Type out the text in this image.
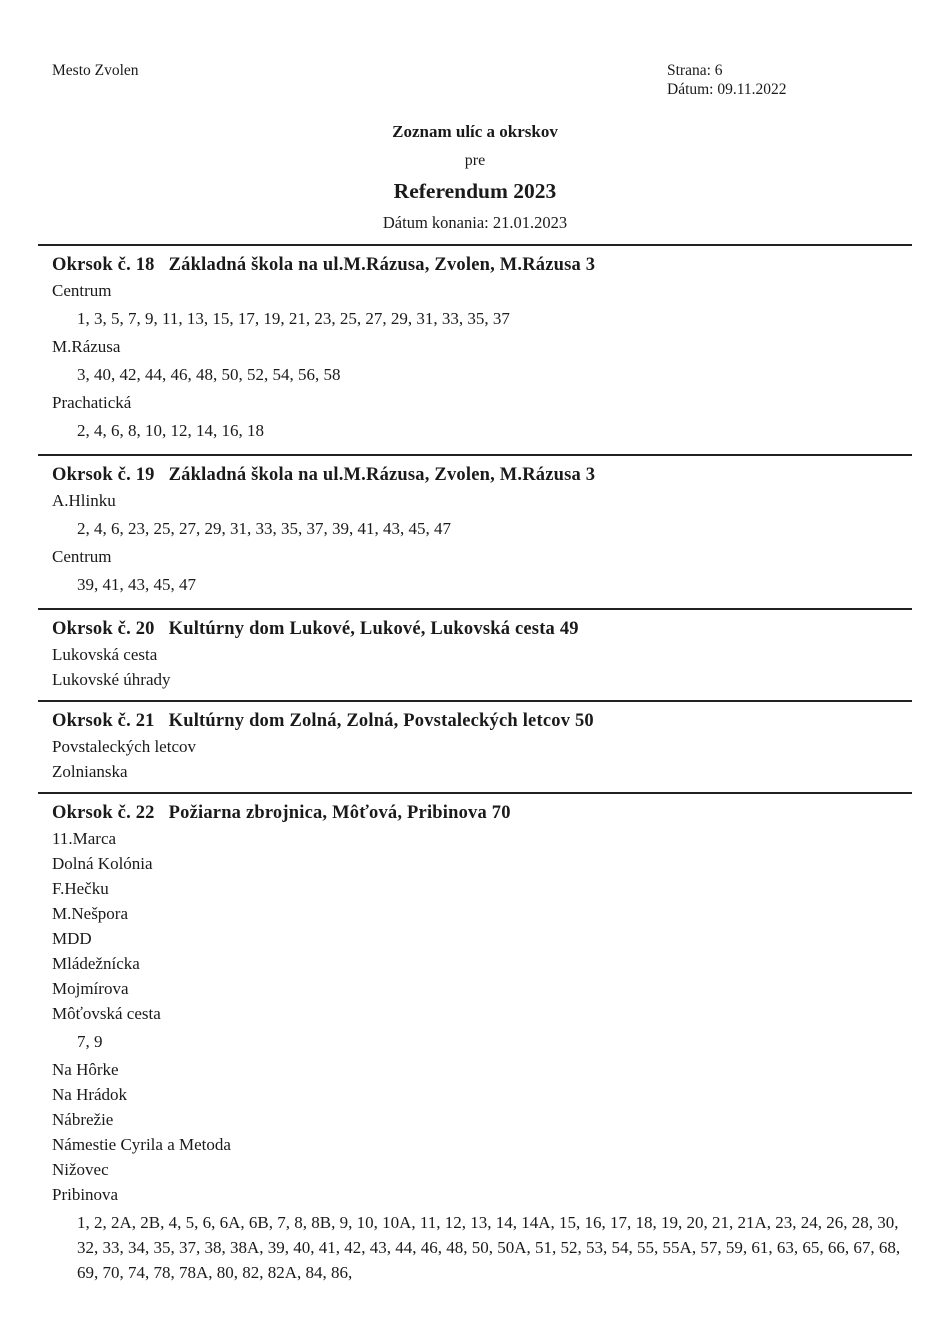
Mesto Zvolen	Strana: 6
Dátum: 09.11.2022
Zoznam ulíc a okrskov
pre
Referendum 2023
Dátum konania: 21.01.2023
Okrsok č. 18 Základná škola na ul.M.Rázusa, Zvolen, M.Rázusa 3
Centrum
1, 3, 5, 7, 9, 11, 13, 15, 17, 19, 21, 23, 25, 27, 29, 31, 33, 35, 37
M.Rázusa
3, 40, 42, 44, 46, 48, 50, 52, 54, 56, 58
Prachatická
2, 4, 6, 8, 10, 12, 14, 16, 18
Okrsok č. 19 Základná škola na ul.M.Rázusa, Zvolen, M.Rázusa 3
A.Hlinku
2, 4, 6, 23, 25, 27, 29, 31, 33, 35, 37, 39, 41, 43, 45, 47
Centrum
39, 41, 43, 45, 47
Okrsok č. 20 Kultúrny dom Lukové, Lukové, Lukovská cesta 49
Lukovská cesta
Lukovské úhrady
Okrsok č. 21 Kultúrny dom Zolná, Zolná, Povstaleckých letcov 50
Povstaleckých letcov
Zolnianska
Okrsok č. 22 Požiarna zbrojnica, Môťová, Pribinova 70
11.Marca
Dolná Kolónia
F.Hečku
M.Nešpora
MDD
Mládežnícka
Mojmírova
Môťovská cesta
7, 9
Na Hôrke
Na Hrádok
Nábrežie
Námestie Cyrila a Metoda
Nižovec
Pribinova
1, 2, 2A, 2B, 4, 5, 6, 6A, 6B, 7, 8, 8B, 9, 10, 10A, 11, 12, 13, 14, 14A, 15, 16, 17, 18, 19, 20, 21, 21A, 23, 24, 26, 28, 30, 32, 33, 34, 35, 37, 38, 38A, 39, 40, 41, 42, 43, 44, 46, 48, 50, 50A, 51, 52, 53, 54, 55, 55A, 57, 59, 61, 63, 65, 66, 67, 68, 69, 70, 74, 78, 78A, 80, 82, 82A, 84, 86,
